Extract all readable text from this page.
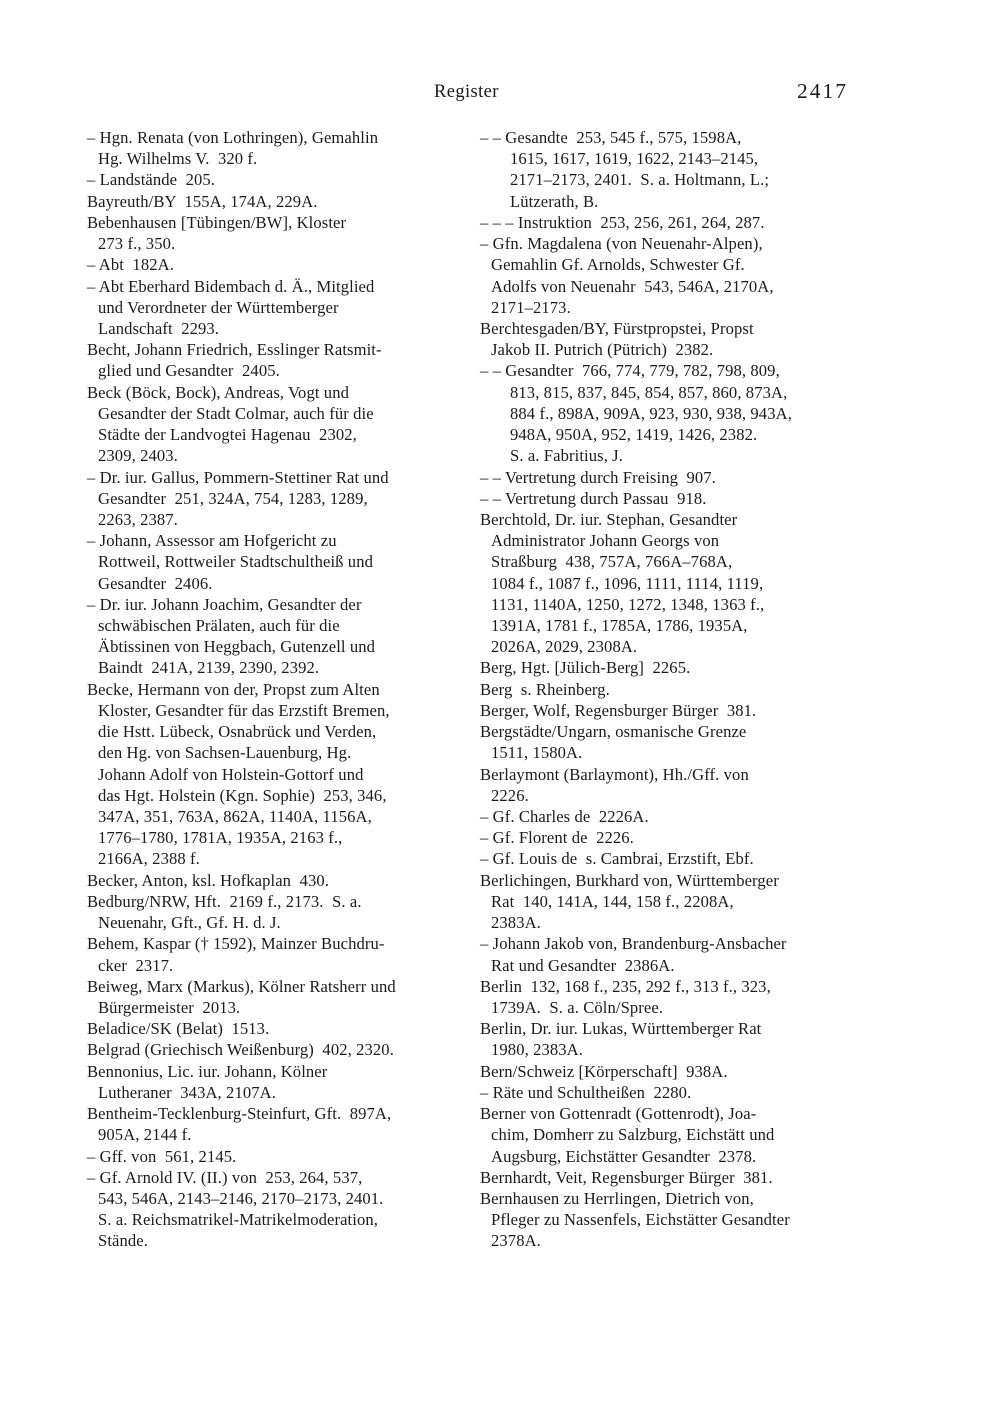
Register	2417
– Hgn. Renata (von Lothringen), Gemahlin
Hg. Wilhelms V.  320 f.
– Landstände  205.
Bayreuth/BY  155A, 174A, 229A.
Bebenhausen [Tübingen/BW], Kloster
273 f., 350.
– Abt  182A.
– Abt Eberhard Bidembach d. Ä., Mitglied
und Verordneter der Württemberger
Landschaft  2293.
Becht, Johann Friedrich, Esslinger Ratsmit-
glied und Gesandter  2405.
Beck (Böck, Bock), Andreas, Vogt und
Gesandter der Stadt Colmar, auch für die
Städte der Landvogtei Hagenau  2302,
2309, 2403.
– Dr. iur. Gallus, Pommern-Stettiner Rat und
Gesandter  251, 324A, 754, 1283, 1289,
2263, 2387.
– Johann, Assessor am Hofgericht zu
Rottweil, Rottweiler Stadtschultheiß und
Gesandter  2406.
– Dr. iur. Johann Joachim, Gesandter der
schwäbischen Prälaten, auch für die
Äbtissinen von Heggbach, Gutenzell und
Baindt  241A, 2139, 2390, 2392.
Becke, Hermann von der, Propst zum Alten
Kloster, Gesandter für das Erzstift Bremen,
die Hstt. Lübeck, Osnabrück und Verden,
den Hg. von Sachsen-Lauenburg, Hg.
Johann Adolf von Holstein-Gottorf und
das Hgt. Holstein (Kgn. Sophie)  253, 346,
347A, 351, 763A, 862A, 1140A, 1156A,
1776–1780, 1781A, 1935A, 2163 f.,
2166A, 2388 f.
Becker, Anton, ksl. Hofkaplan  430.
Bedburg/NRW, Hft.  2169 f., 2173.  S. a.
Neuenahr, Gft., Gf. H. d. J.
Behem, Kaspar († 1592), Mainzer Buchdru-
cker  2317.
Beiweg, Marx (Markus), Kölner Ratsherr und
Bürgermeister  2013.
Beladice/SK (Belat)  1513.
Belgrad (Griechisch Weißenburg)  402, 2320.
Bennonius, Lic. iur. Johann, Kölner
Lutheraner  343A, 2107A.
Bentheim-Tecklenburg-Steinfurt, Gft.  897A,
905A, 2144 f.
– Gff. von  561, 2145.
– Gf. Arnold IV. (II.) von  253, 264, 537,
543, 546A, 2143–2146, 2170–2173, 2401.
S. a. Reichsmatrikel-Matrikelmoderation,
Stände.
– – Gesandte  253, 545 f., 575, 1598A,
1615, 1617, 1619, 1622, 2143–2145,
2171–2173, 2401.  S. a. Holtmann, L.;
Lützerath, B.
– – – Instruktion  253, 256, 261, 264, 287.
– Gfn. Magdalena (von Neuenahr-Alpen),
Gemahlin Gf. Arnolds, Schwester Gf.
Adolfs von Neuenahr  543, 546A, 2170A,
2171–2173.
Berchtesgaden/BY, Fürstpropstei, Propst
Jakob II. Putrich (Pütrich)  2382.
– – Gesandter  766, 774, 779, 782, 798, 809,
813, 815, 837, 845, 854, 857, 860, 873A,
884 f., 898A, 909A, 923, 930, 938, 943A,
948A, 950A, 952, 1419, 1426, 2382.
S. a. Fabritius, J.
– – Vertretung durch Freising  907.
– – Vertretung durch Passau  918.
Berchtold, Dr. iur. Stephan, Gesandter
Administrator Johann Georgs von
Straßburg  438, 757A, 766A–768A,
1084 f., 1087 f., 1096, 1111, 1114, 1119,
1131, 1140A, 1250, 1272, 1348, 1363 f.,
1391A, 1781 f., 1785A, 1786, 1935A,
2026A, 2029, 2308A.
Berg, Hgt. [Jülich-Berg]  2265.
Berg  s. Rheinberg.
Berger, Wolf, Regensburger Bürger  381.
Bergstädte/Ungarn, osmanische Grenze
1511, 1580A.
Berlaymont (Barlaymont), Hh./Gff. von
2226.
– Gf. Charles de  2226A.
– Gf. Florent de  2226.
– Gf. Louis de  s. Cambrai, Erzstift, Ebf.
Berlichingen, Burkhard von, Württemberger
Rat  140, 141A, 144, 158 f., 2208A,
2383A.
– Johann Jakob von, Brandenburg-Ansbacher
Rat und Gesandter  2386A.
Berlin  132, 168 f., 235, 292 f., 313 f., 323,
1739A.  S. a. Cöln/Spree.
Berlin, Dr. iur. Lukas, Württemberger Rat
1980, 2383A.
Bern/Schweiz [Körperschaft]  938A.
– Räte und Schultheißen  2280.
Berner von Gottenradt (Gottenrodt), Joa-
chim, Domherr zu Salzburg, Eichstätt und
Augsburg, Eichstätter Gesandter  2378.
Bernhardt, Veit, Regensburger Bürger  381.
Bernhausen zu Herrlingen, Dietrich von,
Pfleger zu Nassenfels, Eichstätter Gesandter
2378A.
